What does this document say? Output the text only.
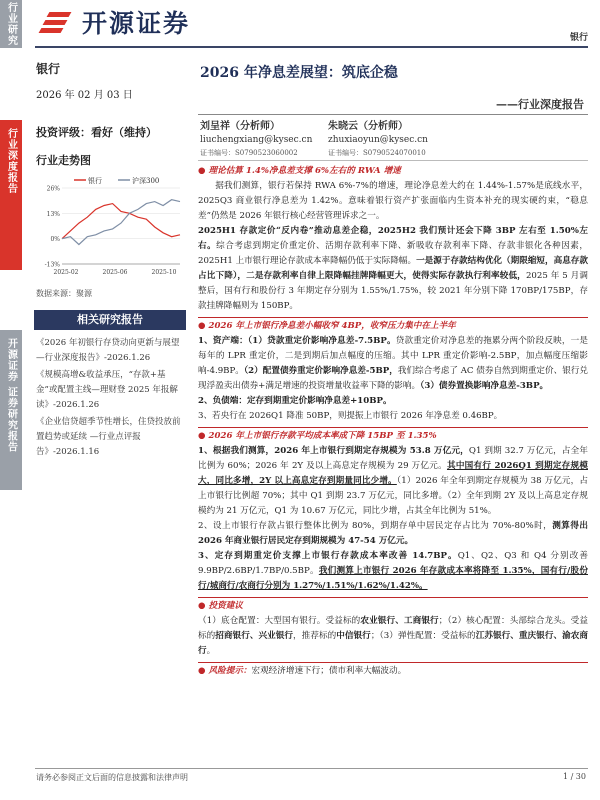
行业研究
行业深度报告
开源证券 证券研究报告
开源证券	银行
银行
2026 年 02 月 03 日
投资评级：看好（维持）
行业走势图
银行	沪深300
26%
13%
0%
-13%
2025-02	2025-06	2025-10
数据来源：聚源
相关研究报告
《2026 年初银行存贷动向更新与展望—行业深度报告》-2026.1.26
《规模高增&收益承压，“存款+基金”或配置主线—理财登 2025 年报解读》-2026.1.26
《企业信贷超季节性增长，住贷投放前置趋势或延续 —行业点评报告》-2026.1.16
2026 年净息差展望：筑底企稳
——行业深度报告
刘呈祥（分析师）
liuchengxiang@kysec.cn
证书编号：S0790523060002
朱晓云（分析师）
zhuxiaoyun@kysec.cn
证书编号：S0790524070010
● 理论估算 1.4%净息差支撑 6%左右的 RWA 增速
据我们测算，银行若保持 RWA 6%-7%的增速，理论净息差大约在 1.44%-1.57%是底线水平，2025Q3 商业银行净息差为 1.42%。意味着银行资产扩张面临内生资本补充的现实硬约束，“稳息差”仍然是 2026 年银行核心经营管理诉求之一。
2025H1 存款定价“反内卷”推动息差企稳，2025H2 我们预计还会下降 3BP 左右至 1.50%左右。综合考虑到期定价重定价、活期存款利率下降、新吸收存款利率下降、存款非银化各种因素，2025H1 上市银行理论存款成本率降幅仍低于实际降幅。一是源于存款结构优化（期限缩短，高息存款占比下降），二是存款利率自律上限降幅挂牌降幅更大，使得实际存款执行利率较低，2025 年 5 月调整后，国有行和股份行 3 年期定存分别为 1.55%/1.75%，较 2021 年分别下降 170BP/175BP，存款挂牌降幅则为 150BP。
● 2026 年上市银行净息差小幅收窄 4BP，收窄压力集中在上半年
1、资产端：（1）贷款重定价影响净息差-7.5BP。贷款重定价对净息差的拖累分两个阶段反映，一是每年的 LPR 重定价，二是到期后加点幅度的压缩。其中 LPR 重定价影响-2.5BP，加点幅度压缩影响-4.9BP。（2）配置债券重定价影响净息差-5BP，我们综合考虑了 AC 债券自然到期重定价、银行兑现浮盈卖出债券+满足增速的投资增量收益率下降的影响。（3）债券置换影响净息差-3BP。
2、负债端：定存到期重定价影响净息差+10BP。
3、若央行在 2026Q1 降准 50BP，则提振上市银行 2026 年净息差 0.46BP。
● 2026 年上市银行存款平均成本率成下降 15BP 至 1.35%
1、根据我们测算，2026 年上市银行到期定存规模为 53.8 万亿元，Q1 到期 32.7 万亿元，占全年比例为 60%；2026 年 2Y 及以上高息定存规模为 29 万亿元。其中国有行 2026Q1 到期定存规模大，同比多增，2Y 以上高息定存到期量同比少增。（1）2026 年全年到期定存规模为 38 万亿元，占上市银行比例超 70%；其中 Q1 到期 23.7 万亿元，同比多增。（2）全年到期 2Y 及以上高息定存规模约为 21 万亿元，Q1 为 10.67 万亿元，同比少增，占其全年比例为 51%。
2、设上市银行存款占银行整体比例为 80%，到期存单中居民定存占比为 70%-80%时，测算得出 2026 年商业银行居民定存到期规模为 47-54 万亿元。
3、定存到期重定价支撑上市银行存款成本率改善 14.7BP。Q1、Q2、Q3 和 Q4 分别改善 9.9BP/2.6BP/1.7BP/0.5BP。我们测算上市银行 2026 年存款成本率将降至 1.35%，国有行/股份行/城商行/农商行分别为 1.27%/1.51%/1.62%/1.42%。
● 投资建议
（1）底仓配置：大型国有银行。受益标的农业银行、工商银行；（2）核心配置：头部综合龙头。受益标的招商银行、兴业银行，推荐标的中信银行；（3）弹性配置：受益标的江苏银行、重庆银行、渝农商行。
● 风险提示：宏观经济增速下行；债市利率大幅波动。
请务必参阅正文后面的信息披露和法律声明	1 / 30
